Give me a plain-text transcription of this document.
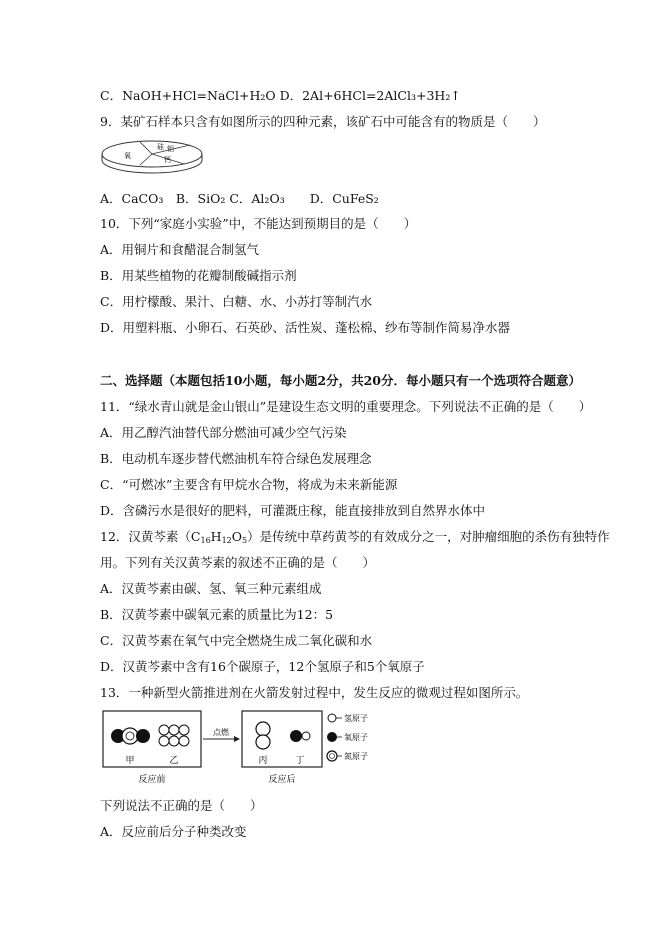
C．NaOH+HCl=NaCl+H₂O D．2Al+6HCl=2AlCl₃+3H₂↑
9．某矿石样本只含有如图所示的四种元素，该矿石中可能含有的物质是（　　）
氧
硅 铝
钙
A．CaCO₃　B．SiO₂ C．Al₂O₃　　D．CuFeS₂
10．下列“家庭小实验”中，不能达到预期目的是（　　）
A．用铜片和食醋混合制氢气
B．用某些植物的花瓣制酸碱指示剂
C．用柠檬酸、果汁、白糖、水、小苏打等制汽水
D．用塑料瓶、小卵石、石英砂、活性炭、蓬松棉、纱布等制作简易净水器
二、选择题（本题包括10小题，每小题2分，共20分．每小题只有一个选项符合题意）
11．“绿水青山就是金山银山”是建设生态文明的重要理念。下列说法不正确的是（　　）
A．用乙醇汽油替代部分燃油可减少空气污染
B．电动机车逐步替代燃油机车符合绿色发展理念
C．“可燃冰”主要含有甲烷水合物，将成为未来新能源
D．含磷污水是很好的肥料，可灌溉庄稼，能直接排放到自然界水体中
12．汉黄芩素$(C_{16}H_{12}O_5)$是传统中草药黄芩的有效成分之一，对肿瘤细胞的杀伤有独特作
用。下列有关汉黄芩素的叙述不正确的是（　　）
A．汉黄芩素由碳、氢、氧三种元素组成
B．汉黄芩素中碳氧元素的质量比为12：5
C．汉黄芩素在氧气中完全燃烧生成二氧化碳和水
D．汉黄芩素中含有16个碳原子，12个氢原子和5个氧原子
13．一种新型火箭推进剂在火箭发射过程中，发生反应的微观过程如图所示。
甲	乙
反应前
点燃
丙	丁
反应后
氢原子
氧原子
氮原子
下列说法不正确的是（　　）
A．反应前后分子种类改变
